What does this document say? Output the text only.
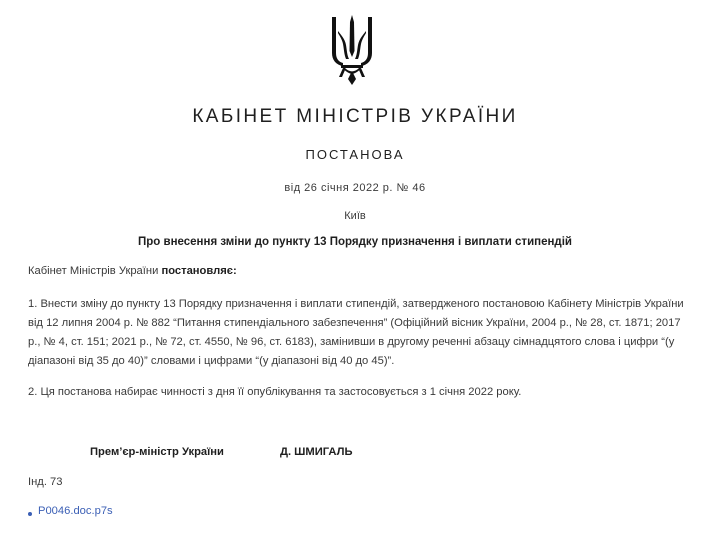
КАБІНЕТ МІНІСТРІВ УКРАЇНИ
ПОСТАНОВА
від 26 січня 2022 р. № 46
Київ
Про внесення зміни до пункту 13 Порядку призначення і виплати стипендій
Кабінет Міністрів України постановляє:
1. Внести зміну до пункту 13 Порядку призначення і виплати стипендій, затвердженого постановою Кабінету Міністрів України від 12 липня 2004 р. № 882 “Питання стипендіального забезпечення” (Офіційний вісник України, 2004 р., № 28, ст. 1871; 2017 р., № 4, ст. 151; 2021 р., № 72, ст. 4550, № 96, ст. 6183), замінивши в другому реченні абзацу сімнадцятого слова і цифри “(у діапазоні від 35 до 40)” словами і цифрами “(у діапазоні від 40 до 45)”.
2. Ця постанова набирає чинності з дня її опублікування та застосовується з 1 січня 2022 року.
Прем’єр-міністр України	Д. ШМИГАЛЬ
Інд. 73
P0046.doc.p7s
